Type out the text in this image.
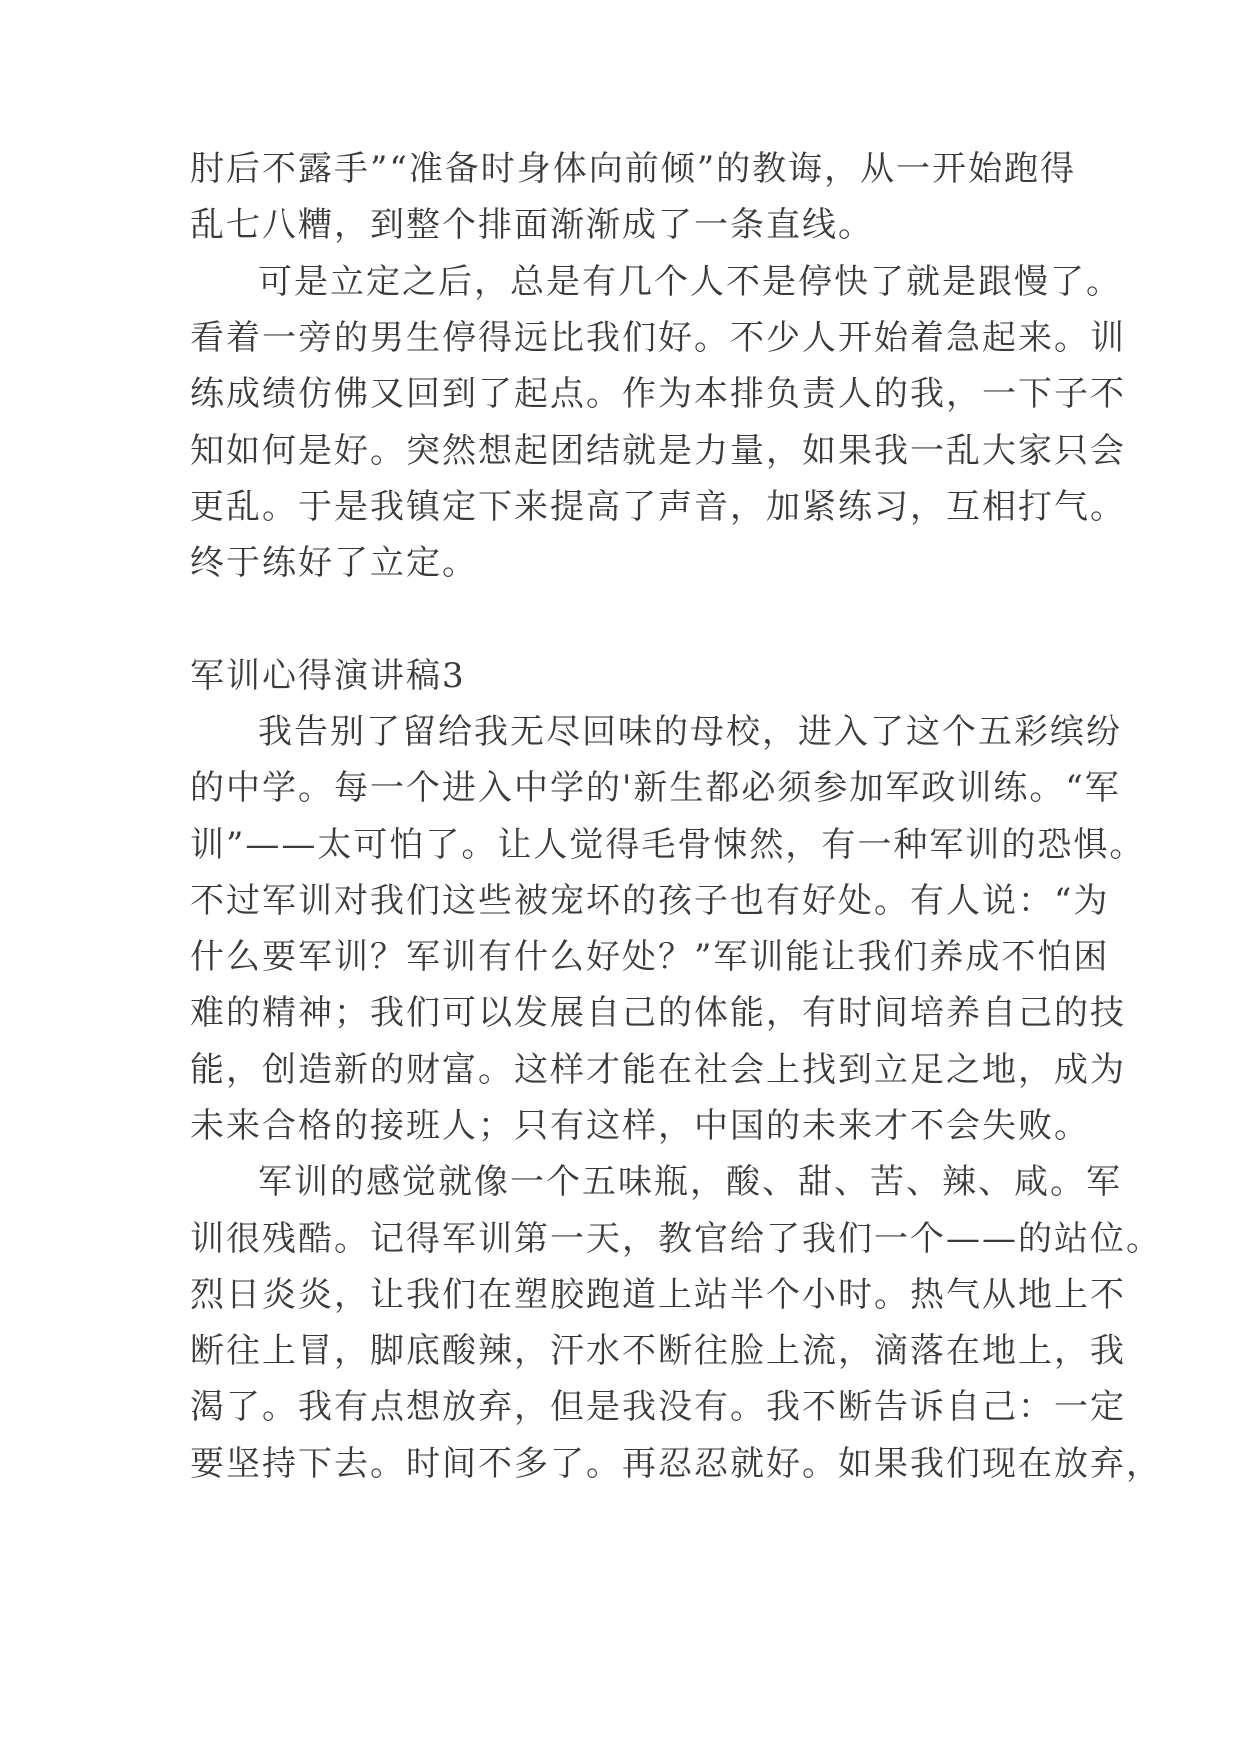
肘后不露手”“准备时身体向前倾”的教诲，从一开始跑得
乱七八糟，到整个排面渐渐成了一条直线。
可是立定之后，总是有几个人不是停快了就是跟慢了。
看着一旁的男生停得远比我们好。不少人开始着急起来。训
练成绩仿佛又回到了起点。作为本排负责人的我，一下子不
知如何是好。突然想起团结就是力量，如果我一乱大家只会
更乱。于是我镇定下来提高了声音，加紧练习，互相打气。
终于练好了立定。
军训心得演讲稿3
我告别了留给我无尽回味的母校，进入了这个五彩缤纷
的中学。每一个进入中学的'新生都必须参加军政训练。“军
训”——太可怕了。让人觉得毛骨悚然，有一种军训的恐惧。
不过军训对我们这些被宠坏的孩子也有好处。有人说：“为
什么要军训？军训有什么好处？”军训能让我们养成不怕困
难的精神；我们可以发展自己的体能，有时间培养自己的技
能，创造新的财富。这样才能在社会上找到立足之地，成为
未来合格的接班人；只有这样，中国的未来才不会失败。
军训的感觉就像一个五味瓶，酸、甜、苦、辣、咸。军
训很残酷。记得军训第一天，教官给了我们一个——的站位。
烈日炎炎，让我们在塑胶跑道上站半个小时。热气从地上不
断往上冒，脚底酸辣，汗水不断往脸上流，滴落在地上，我
渴了。我有点想放弃，但是我没有。我不断告诉自己：一定
要坚持下去。时间不多了。再忍忍就好。如果我们现在放弃，
